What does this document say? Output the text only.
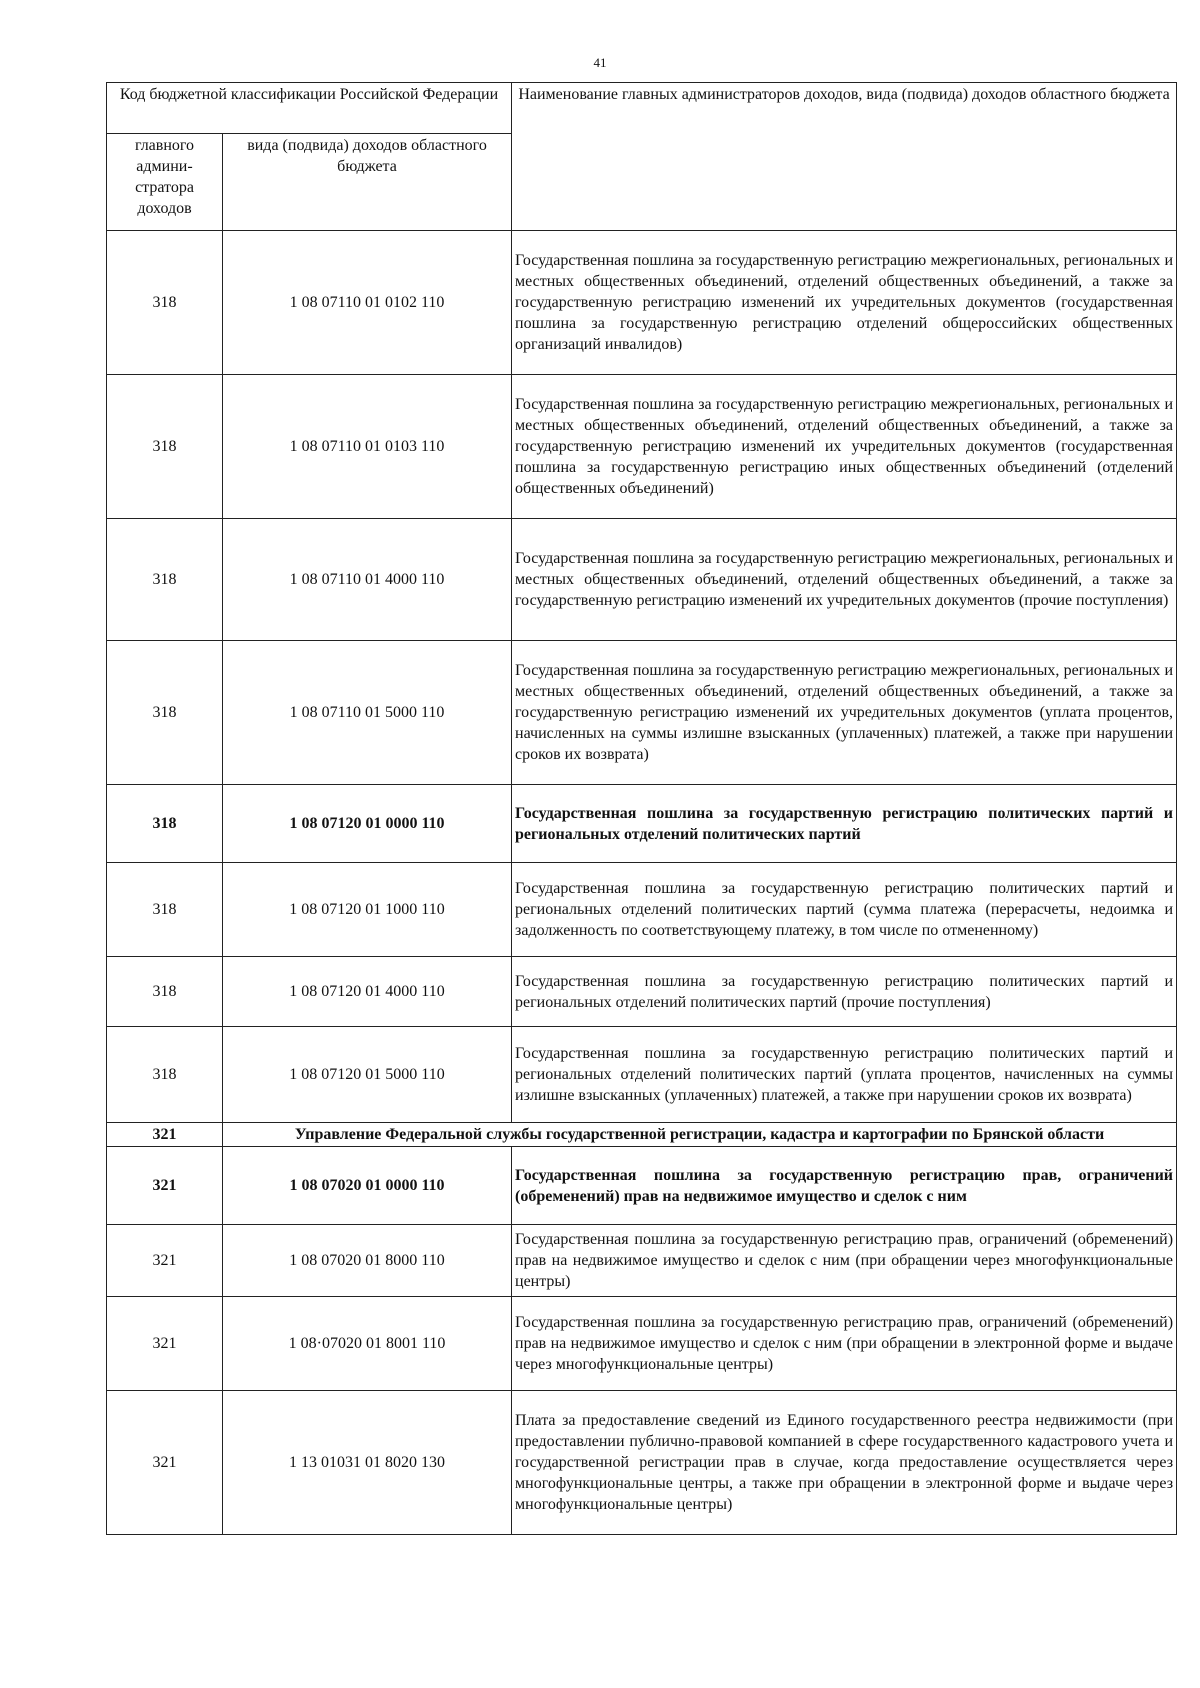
41
Код бюджетной классификации Российской Федерации		Наименование главных администраторов доходов, вида (подвида) доходов областного бюджета
главного админи-стратора доходов	вида (подвида) доходов областного бюджета	
318	1 08 07110 01 0102 110	Государственная пошлина за государственную регистрацию межрегиональных, региональных и местных общественных объединений, отделений общественных объединений, а также за государственную регистрацию изменений их учредительных документов (государственная пошлина за государственную регистрацию отделений общероссийских общественных организаций инвалидов)
318	1 08 07110 01 0103 110	Государственная пошлина за государственную регистрацию межрегиональных, региональных и местных общественных объединений, отделений общественных объединений, а также за государственную регистрацию изменений их учредительных документов (государственная пошлина за государственную регистрацию иных общественных объединений (отделений общественных объединений)
318	1 08 07110 01 4000 110	Государственная пошлина за государственную регистрацию межрегиональных, региональных и местных общественных объединений, отделений общественных объединений, а также за государственную регистрацию изменений их учредительных документов (прочие поступления)
318	1 08 07110 01 5000 110	Государственная пошлина за государственную регистрацию межрегиональных, региональных и местных общественных объединений, отделений общественных объединений, а также за государственную регистрацию изменений их учредительных документов (уплата процентов, начисленных на суммы излишне взысканных (уплаченных) платежей, а также при нарушении сроков их возврата)
318	1 08 07120 01 0000 110	Государственная пошлина за государственную регистрацию политических партий и региональных отделений политических партий
318	1 08 07120 01 1000 110	Государственная пошлина за государственную регистрацию политических партий и региональных отделений политических партий (сумма платежа (перерасчеты, недоимка и задолженность по соответствующему платежу, в том числе по отмененному)
318	1 08 07120 01 4000 110	Государственная пошлина за государственную регистрацию политических партий и региональных отделений политических партий (прочие поступления)
318	1 08 07120 01 5000 110	Государственная пошлина за государственную регистрацию политических партий и региональных отделений политических партий (уплата процентов, начисленных на суммы излишне взысканных (уплаченных) платежей, а также при нарушении сроков их возврата)
321	Управление Федеральной службы государственной регистрации, кадастра и картографии по Брянской области	
321	1 08 07020 01 0000 110	Государственная пошлина за государственную регистрацию прав, ограничений (обременений) прав на недвижимое имущество и сделок с ним
321	1 08 07020 01 8000 110	Государственная пошлина за государственную регистрацию прав, ограничений (обременений) прав на недвижимое имущество и сделок с ним (при обращении через многофункциональные центры)
321	1 08·07020 01 8001 110	Государственная пошлина за государственную регистрацию прав, ограничений (обременений) прав на недвижимое имущество и сделок с ним (при обращении в электронной форме и выдаче через многофункциональные центры)
321	1 13 01031 01 8020 130	Плата за предоставление сведений из Единого государственного реестра недвижимости (при предоставлении публично-правовой компанией в сфере государственного кадастрового учета и государственной регистрации прав в случае, когда предоставление осуществляется через многофункциональные центры, а также при обращении в электронной форме и выдаче через многофункциональные центры)
